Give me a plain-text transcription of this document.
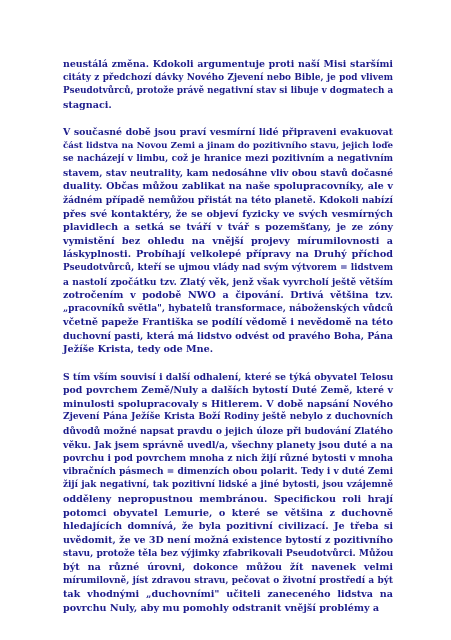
neustálá změna. Kdokoli argumentuje proti naší Misi staršími
citáty z předchozí dávky Nového Zjevení nebo Bible, je pod vlivem
Pseudotvůrců, protože právě negativní stav si libuje v dogmatech a
stagnaci.
V současné době jsou praví vesmírní lidé připraveni evakuovat
část lidstva na Novou Zemi a jinam do pozitivního stavu, jejich loďe
se nacházejí v limbu, což je hranice mezi pozitivním a negativním
stavem, stav neutrality, kam nedosáhne vliv obou stavů dočasné
duality. Občas můžou zablikat na naše spolupracovníky, ale v
žádném případě nemůžou přistát na této planetě. Kdokoli nabízí
přes své kontaktéry, že se objeví fyzicky ve svých vesmírných
plavidlech a setká se tváří v tvář s pozemšťany, je ze zóny
vymistění bez ohledu na vnější projevy mírumilovnosti a
láskyplnosti. Probíhají velkolepé přípravy na Druhý příchod
Pseudotvůrců, kteří se ujmou vlády nad svým výtvorem = lidstvem
a nastolí zpočátku tzv. Zlatý věk, jenž však vyvrcholí ještě větším
zotročením v podobě NWO a čipování. Drtivá většina tzv.
„pracovníků světla", hybatelů transformace, náboženských vůdců
včetně papeže Františka se podílí vědomě i nevědomě na této
duchovní pasti, která má lidstvo odvést od pravého Boha, Pána
Ježíše Krista, tedy ode Mne.
S tím vším souvisí i další odhalení, které se týká obyvatel Telosu
pod povrchem Země/Nuly a dalších bytostí Duté Země, které v
minulosti spolupracovaly s Hitlerem. V době napsání Nového
Zjevení Pána Ježíše Krista Boží Rodiny ještě nebylo z duchovních
důvodů možné napsat pravdu o jejich úloze při budování Zlatého
věku. Jak jsem správně uvedl/a, všechny planety jsou duté a na
povrchu i pod povrchem mnoha z nich žijí různé bytosti v mnoha
vibračních pásmech = dimenzích obou polarit. Tedy i v duté Zemi
žijí jak negativní, tak pozitivní lidské a jiné bytosti, jsou vzájemně
odděleny nepropustnou membránou. Specifickou roli hrají
potomci obyvatel Lemurie, o které se většina z duchovně
hledajících domnívá, že byla pozitivní civilizací. Je třeba si
uvědomit, že ve 3D není možná existence bytostí z pozitivního
stavu, protože těla bez výjimky zfabrikovali Pseudotvůrci. Můžou
být na různé úrovni, dokonce můžou žít navenek velmi
mírumilovně, jíst zdravou stravu, pečovat o životní prostředí a být
tak vhodnými „duchovními" učiteli zaneceného lidstva na
povrchu Nuly, aby mu pomohly odstranit vnější problémy a
